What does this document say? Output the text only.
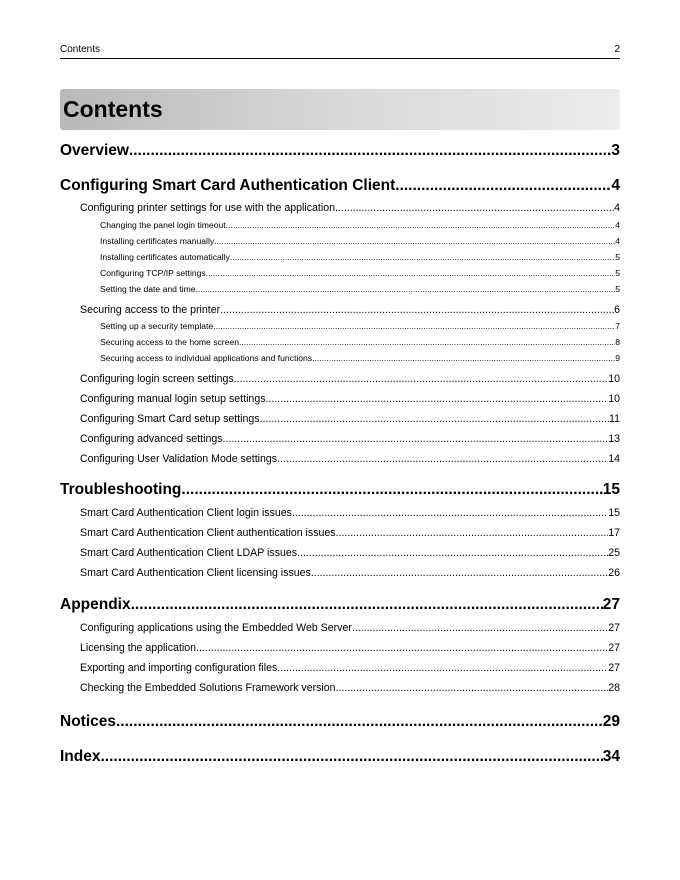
Contents	2
Contents
Overview .....	3
Configuring Smart Card Authentication Client .....	4
Configuring printer settings for use with the application .....	4
Changing the panel login timeout .....	4
Installing certificates manually .....	4
Installing certificates automatically .....	5
Configuring TCP/IP settings .....	5
Setting the date and time .....	5
Securing access to the printer .....	6
Setting up a security template .....	7
Securing access to the home screen .....	8
Securing access to individual applications and functions .....	9
Configuring login screen settings .....	10
Configuring manual login setup settings .....	10
Configuring Smart Card setup settings .....	11
Configuring advanced settings .....	13
Configuring User Validation Mode settings .....	14
Troubleshooting .....	15
Smart Card Authentication Client login issues .....	15
Smart Card Authentication Client authentication issues .....	17
Smart Card Authentication Client LDAP issues .....	25
Smart Card Authentication Client licensing issues .....	26
Appendix .....	27
Configuring applications using the Embedded Web Server .....	27
Licensing the application .....	27
Exporting and importing configuration files .....	27
Checking the Embedded Solutions Framework version .....	28
Notices .....	29
Index .....	34
